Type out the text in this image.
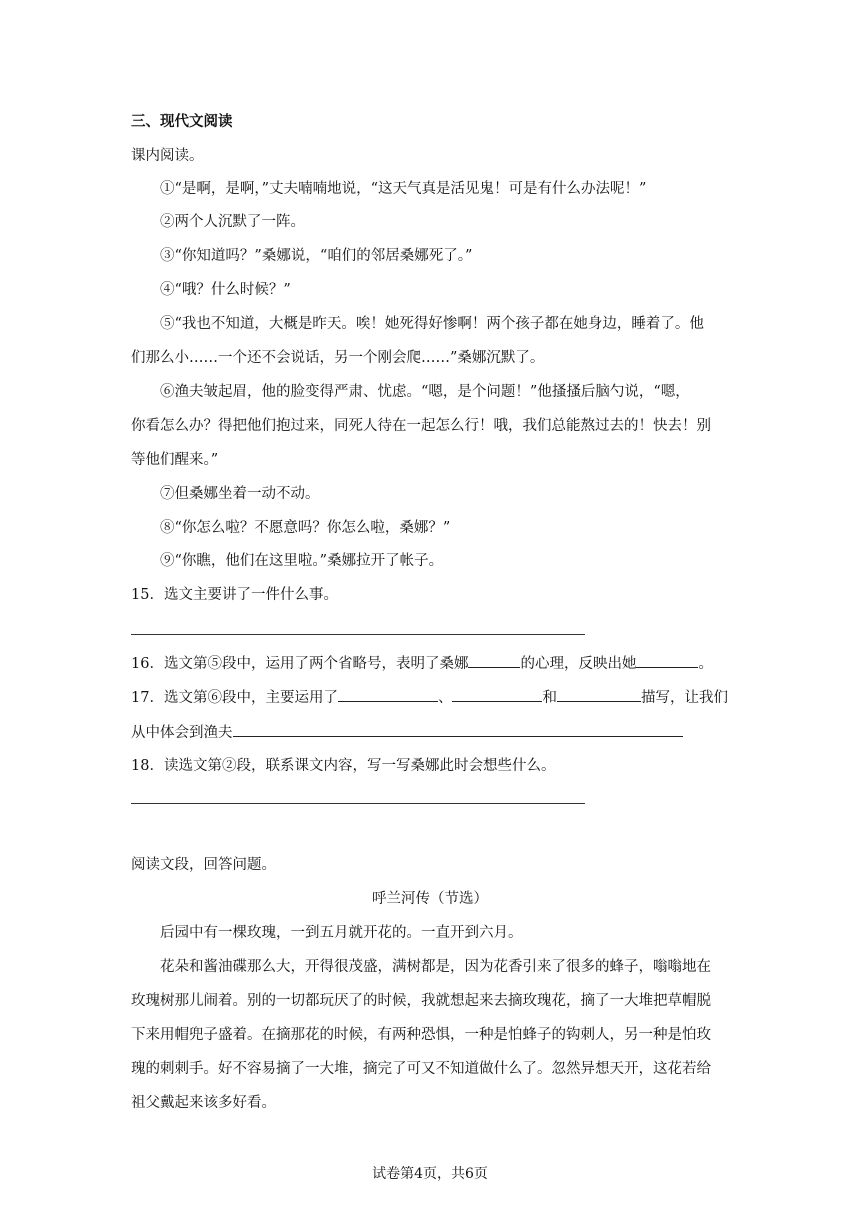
三、现代文阅读
课内阅读。
①“是啊，是啊，”丈夫喃喃地说，“这天气真是活见鬼！可是有什么办法呢！”
②两个人沉默了一阵。
③“你知道吗？”桑娜说，“咱们的邻居桑娜死了。”
④“哦？什么时候？”
⑤“我也不知道，大概是昨天。唉！她死得好惨啊！两个孩子都在她身边，睡着了。他
们那么小……一个还不会说话，另一个刚会爬……”桑娜沉默了。
⑥渔夫皱起眉，他的脸变得严肃、忧虑。“嗯，是个问题！”他搔搔后脑勺说，“嗯，
你看怎么办？得把他们抱过来，同死人待在一起怎么行！哦，我们总能熬过去的！快去！别
等他们醒来。”
⑦但桑娜坐着一动不动。
⑧“你怎么啦？不愿意吗？你怎么啦，桑娜？”
⑨“你瞧，他们在这里啦。”桑娜拉开了帐子。
15．选文主要讲了一件什么事。
16．选文第⑤段中，运用了两个省略号，表明了桑娜	的心理，反映出她	。
17．选文第⑥段中，主要运用了	、	和	描写，让我们
从中体会到渔夫
18．读选文第②段，联系课文内容，写一写桑娜此时会想些什么。
阅读文段，回答问题。
呼兰河传（节选）
后园中有一棵玫瑰，一到五月就开花的。一直开到六月。
花朵和酱油碟那么大，开得很茂盛，满树都是，因为花香引来了很多的蜂子，嗡嗡地在
玫瑰树那儿闹着。别的一切都玩厌了的时候，我就想起来去摘玫瑰花，摘了一大堆把草帽脱
下来用帽兜子盛着。在摘那花的时候，有两种恐惧，一种是怕蜂子的钩刺人，另一种是怕玫
瑰的刺刺手。好不容易摘了一大堆，摘完了可又不知道做什么了。忽然异想天开，这花若给
祖父戴起来该多好看。
试卷第4页，共6页
